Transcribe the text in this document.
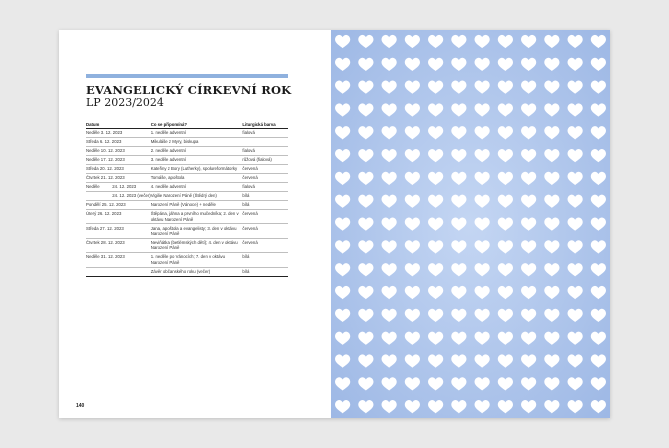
EVANGELICKÝ CÍRKEVNÍ ROK
LP 2023/2024
Datum		Co se připomíná?	Liturgická barva
Neděle 3. 12. 2023		1. neděle adventní	fialová
Středa 6. 12. 2023		Mikuláše z Myry, biskupa	
Neděle 10. 12. 2023		2. neděle adventní	fialová
Neděle 17. 12. 2023		3. neděle adventní	růžová (fialová)
Středa 20. 12. 2023		Kateřiny z Bory (Lutherky), spolureformátorky	červená
Čtvrtek 21. 12. 2023		Tomáše, apoštola	červená
Neděle	24. 12. 2023	4. neděle adventní	fialová
	24. 12. 2023 (večer)	Vigilie Narození Páně (Štědrý den)	bílá
Pondělí 25. 12. 2023		Narození Páně (Vánoce) + neděle	bílá
Úterý 26. 12. 2023		Štěpána, jáhna a prvního mučedníka; 2. den v oktávu Narození Páně	červená
Středa 27. 12. 2023		Jana, apoštola a evangelisty; 3. den v oktávu Narození Páně	červená
Čtvrtek 28. 12. 2023		Neviňátka (betlémských dětí); 4. den v oktávu Narození Páně	červená
Neděle 31. 12. 2023		1. neděle po Vánocích; 7. den v oktávu Narození Páně	bílá
		Závěr občanského roku (večer)	bílá
140
